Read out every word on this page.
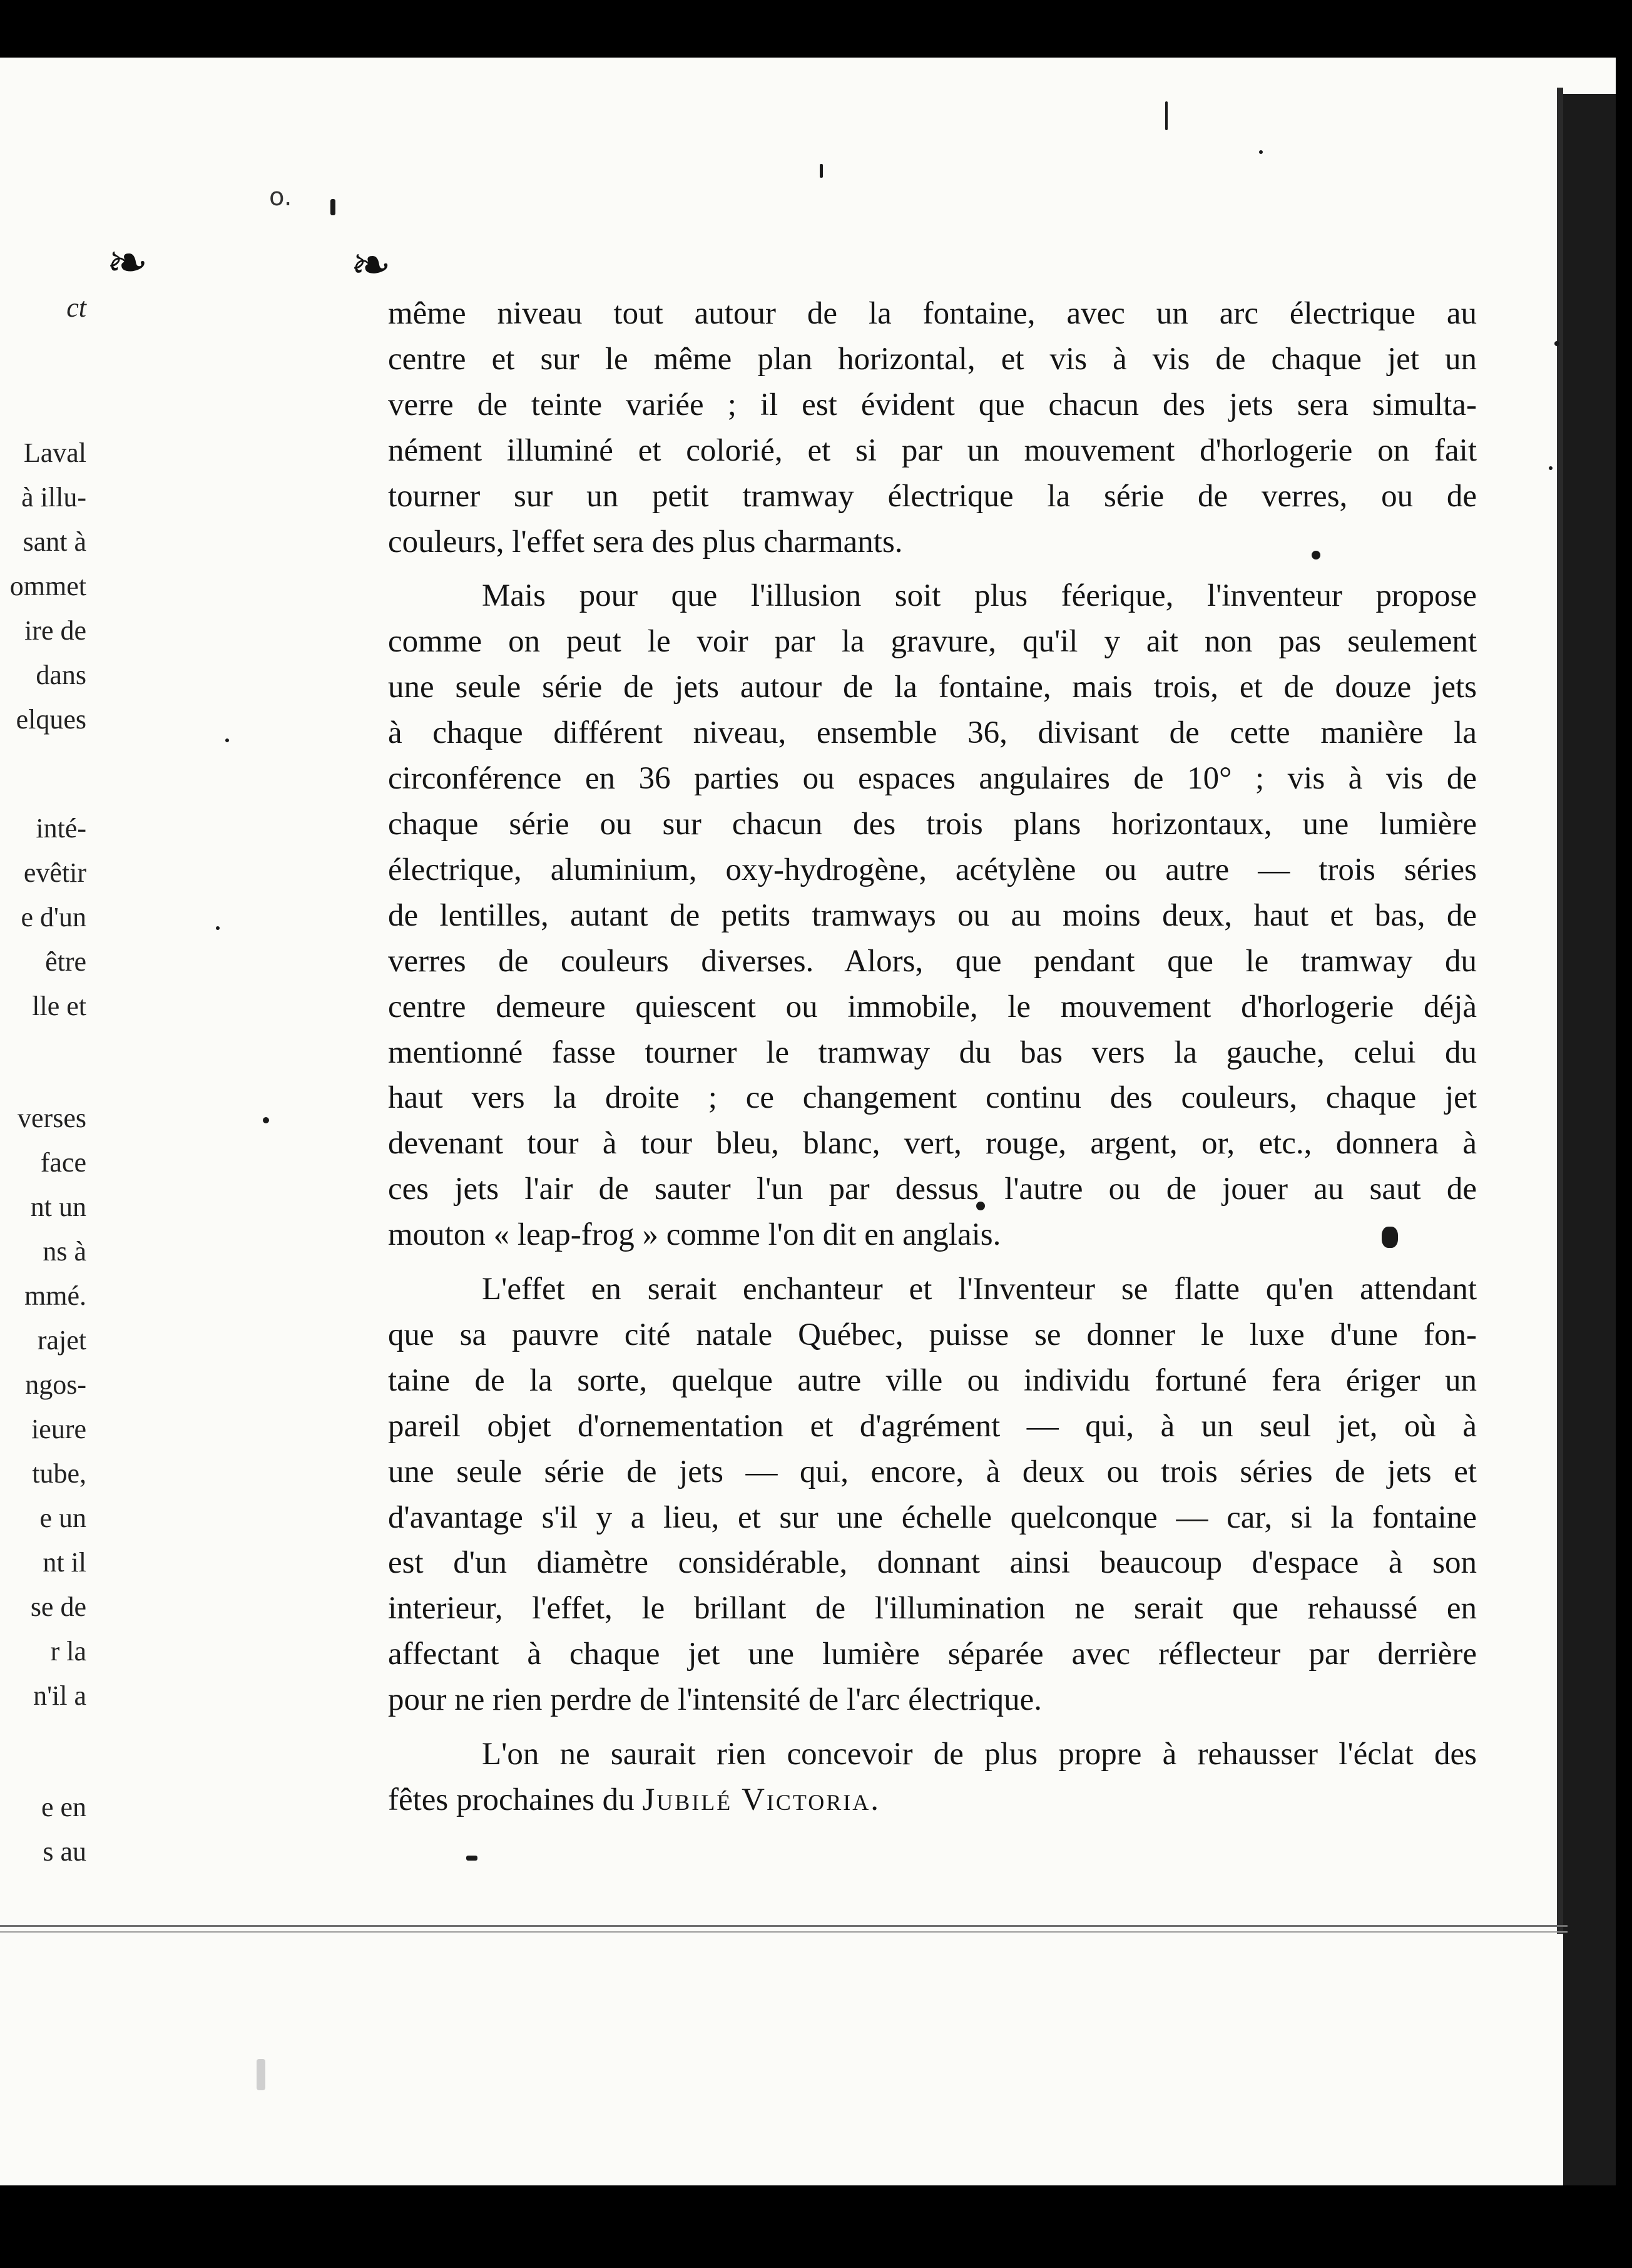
❧	❧
o.
ct
Laval
à illu-
sant à
ommet
ire de
dans
elques
inté-
evêtir
e d'un
être
lle et
verses
face
nt un
ns à
mmé.
rajet
ngos-
ieure
tube,
e un
nt il
se de
r la
n'il a
e en
s au
même niveau tout autour de la fontaine, avec un arc électrique au
centre et sur le même plan horizontal, et vis à vis de chaque jet un
verre de teinte variée ; il est évident que chacun des jets sera simulta-
nément illuminé et colorié, et si par un mouvement d'horlogerie on fait
tourner sur un petit tramway électrique la série de verres, ou de
couleurs, l'effet sera des plus charmants.
Mais pour que l'illusion soit plus féerique, l'inventeur propose
comme on peut le voir par la gravure, qu'il y ait non pas seulement
une seule série de jets autour de la fontaine, mais trois, et de douze jets
à chaque différent niveau, ensemble 36, divisant de cette manière la
circonférence en 36 parties ou espaces angulaires de 10° ; vis à vis de
chaque série ou sur chacun des trois plans horizontaux, une lumière
électrique, aluminium, oxy-hydrogène, acétylène ou autre — trois séries
de lentilles, autant de petits tramways ou au moins deux, haut et bas, de
verres de couleurs diverses. Alors, que pendant que le tramway du
centre demeure quiescent ou immobile, le mouvement d'horlogerie déjà
mentionné fasse tourner le tramway du bas vers la gauche, celui du
haut vers la droite ; ce changement continu des couleurs, chaque jet
devenant tour à tour bleu, blanc, vert, rouge, argent, or, etc., donnera à
ces jets l'air de sauter l'un par dessus l'autre ou de jouer au saut de
mouton « leap-frog » comme l'on dit en anglais.
L'effet en serait enchanteur et l'Inventeur se flatte qu'en attendant
que sa pauvre cité natale Québec, puisse se donner le luxe d'une fon-
taine de la sorte, quelque autre ville ou individu fortuné fera ériger un
pareil objet d'ornementation et d'agrément — qui, à un seul jet, où à
une seule série de jets — qui, encore, à deux ou trois séries de jets et
d'avantage s'il y a lieu, et sur une échelle quelconque — car, si la fontaine
est d'un diamètre considérable, donnant ainsi beaucoup d'espace à son
interieur, l'effet, le brillant de l'illumination ne serait que rehaussé en
affectant à chaque jet une lumière séparée avec réflecteur par derrière
pour ne rien perdre de l'intensité de l'arc électrique.
L'on ne saurait rien concevoir de plus propre à rehausser l'éclat des
fêtes prochaines du Jubilé Victoria.
